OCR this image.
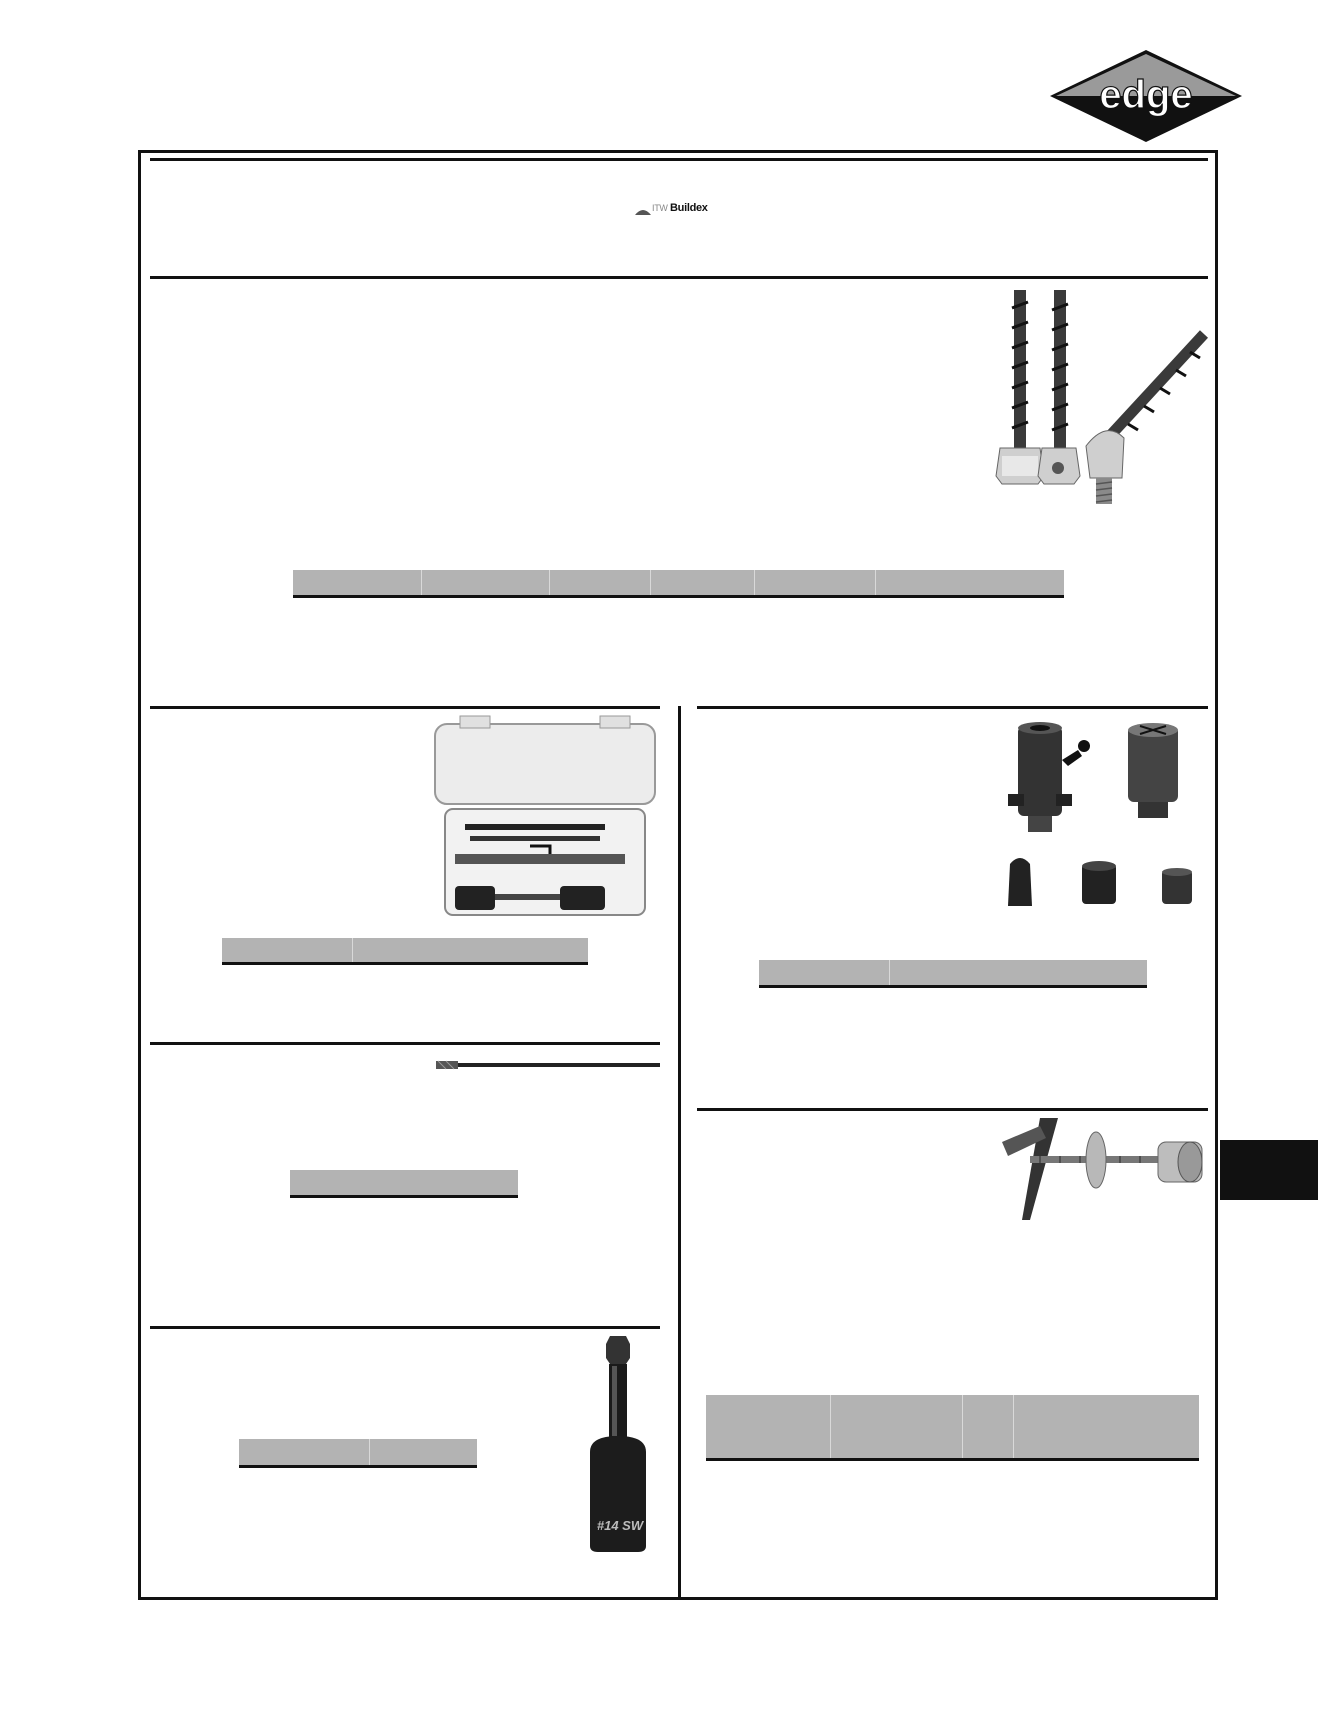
edge
ITW Buildex
#14 SW
